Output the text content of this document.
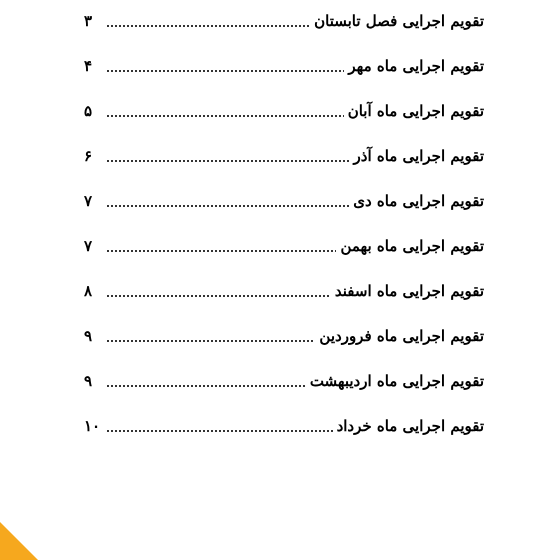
تقویم اجرایی فصل تابستان
۳
تقویم اجرایی ماه مهر
۴
تقویم اجرایی ماه آبان
۵
تقویم اجرایی ماه آذر
۶
تقویم اجرایی ماه دی
۷
تقویم اجرایی ماه بهمن
۷
تقویم اجرایی ماه اسفند
۸
تقویم اجرایی ماه فروردین
۹
تقویم اجرایی ماه اردیبهشت
۹
تقویم اجرایی ماه خرداد
۱۰
